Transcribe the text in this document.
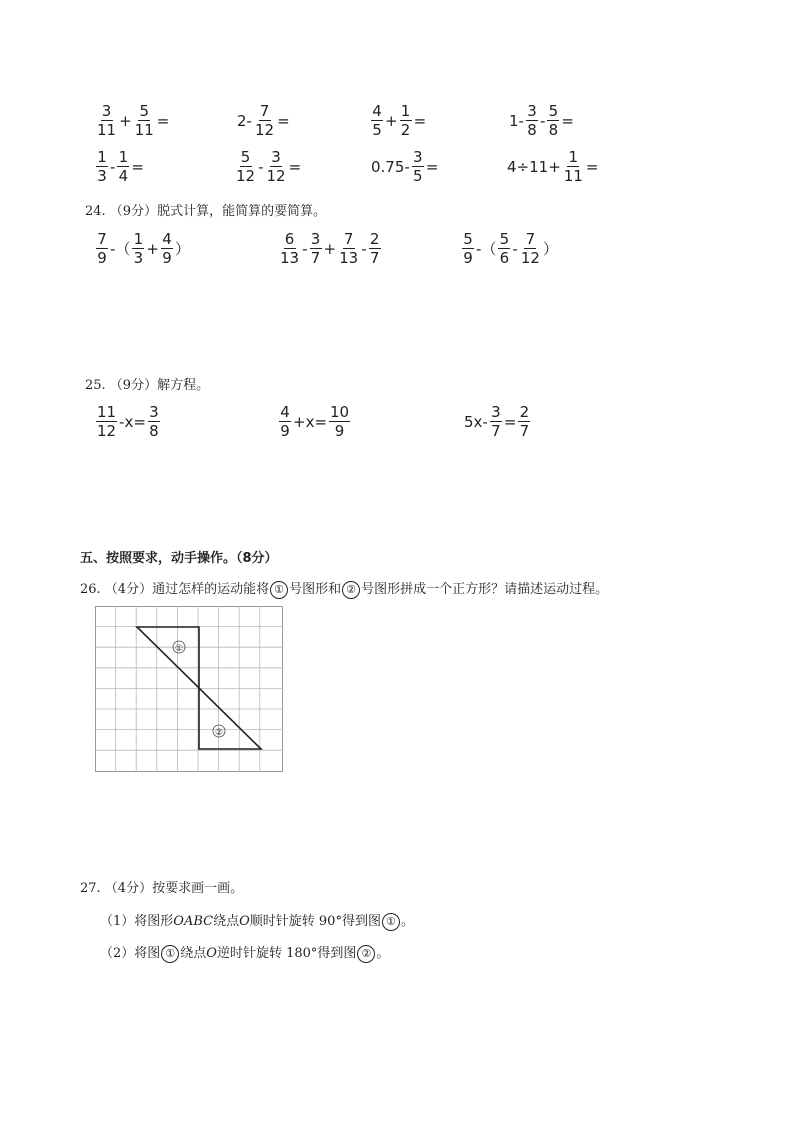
$\frac{3}{11} + \frac{5}{11}$ =	$2- \frac{7}{12}$ =	$\frac{4}{5} + \frac{1}{2}$ =	$1- \frac{3}{8} - \frac{5}{8}$ =
$\frac{1}{3} - \frac{1}{4}$ =	$\frac{5}{12} - \frac{3}{12}$ =	$0.75- \frac{3}{5}$ =	$4\div 11+ \frac{1}{11}$ =
24. （9分）脱式计算，能简算的要简算。
$\frac{7}{9}$ -（ $\frac{1}{3} + \frac{4}{9}$ ）	$\frac{6}{13} - \frac{3}{7} + \frac{7}{13} - \frac{2}{7}$	$\frac{5}{9}$ -（ $\frac{5}{6} - \frac{7}{12}$ ）
25. （9分）解方程。
$\frac{11}{12} -x= \frac{3}{8}$	$\frac{4}{9} +x= \frac{10}{9}$	$5x- \frac{3}{7} = \frac{2}{7}$
五、按照要求，动手操作。（8分）
26. （4分）通过怎样的运动能将 ① 号图形和 ② 号图形拼成一个正方形？请描述运动过程。
①
②
27. （4分）按要求画一画。
（1）将图形OABC绕点O顺时针旋转 90°得到图 ① 。
（2）将图 ① 绕点O逆时针旋转 180°得到图 ② 。
